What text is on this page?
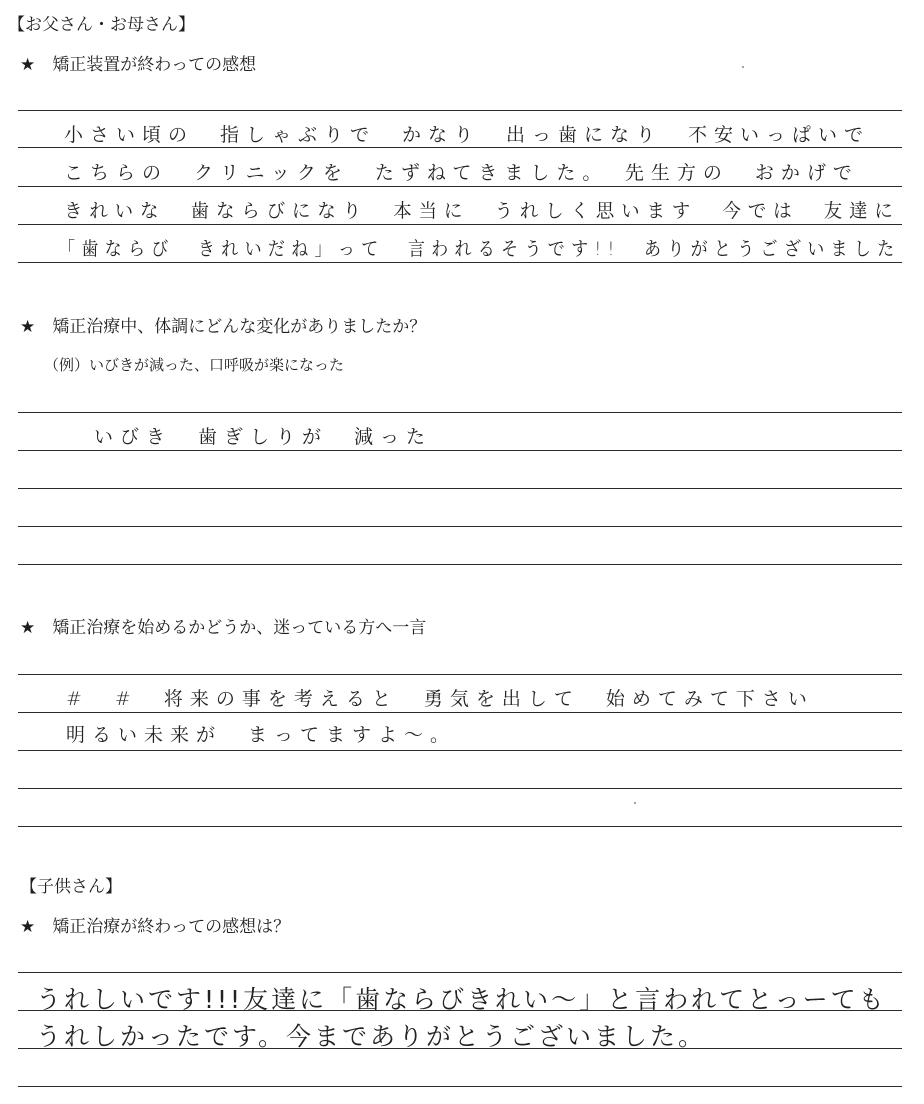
【お父さん・お母さん】
★　矯正装置が終わっての感想
小さい頃の　指しゃぶりで　かなり　出っ歯になり　不安いっぱいで
こちらの　クリニックを　たずねてきました。　先生方の　おかげで
きれいな　歯ならびになり　本当に　うれしく思います　今では　友達に
「歯ならび　きれいだね」って　言われるそうです!!　ありがとうございました
★　矯正治療中、体調にどんな変化がありましたか？
（例）いびきが減った、口呼吸が楽になった
いびき　歯ぎしりが　減った
★　矯正治療を始めるかどうか、迷っている方へ一言
#　#　将来の事を考えると　勇気を出して　始めてみて下さい
明るい未来が　まってますよ〜。
【子供さん】
★　矯正治療が終わっての感想は？
うれしいです!!!友達に「歯ならびきれい〜」と言われてとっーても
うれしかったです。今までありがとうございました。
